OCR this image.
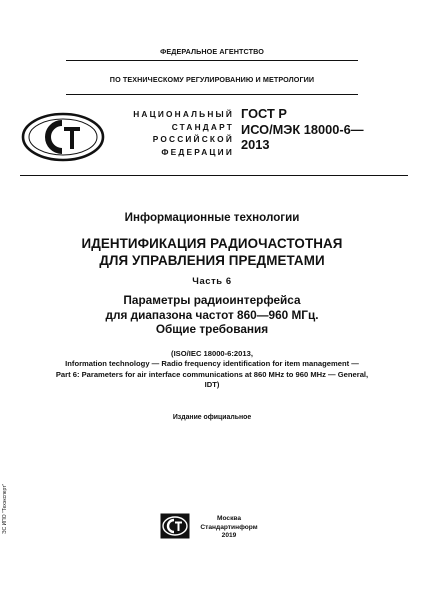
ФЕДЕРАЛЬНОЕ АГЕНТСТВО
ПО ТЕХНИЧЕСКОМУ РЕГУЛИРОВАНИЮ И МЕТРОЛОГИИ
НАЦИОНАЛЬНЫЙ
СТАНДАРТ
РОССИЙСКОЙ
ФЕДЕРАЦИИ
ГОСТ Р
ИСО/МЭК 18000-6—
2013
Информационные технологии
ИДЕНТИФИКАЦИЯ РАДИОЧАСТОТНАЯ
ДЛЯ УПРАВЛЕНИЯ ПРЕДМЕТАМИ
Часть 6
Параметры радиоинтерфейса
для диапазона частот 860—960 МГц.
Общие требования
(ISO/IEC 18000-6:2013,
Information technology — Radio frequency identification for item management —
Part 6: Parameters for air interface communications at 860 MHz to 960 MHz — General,
IDT)
Издание официальное
Москва
Стандартинформ
2019
ЭС ИПО "Техэксперт"
